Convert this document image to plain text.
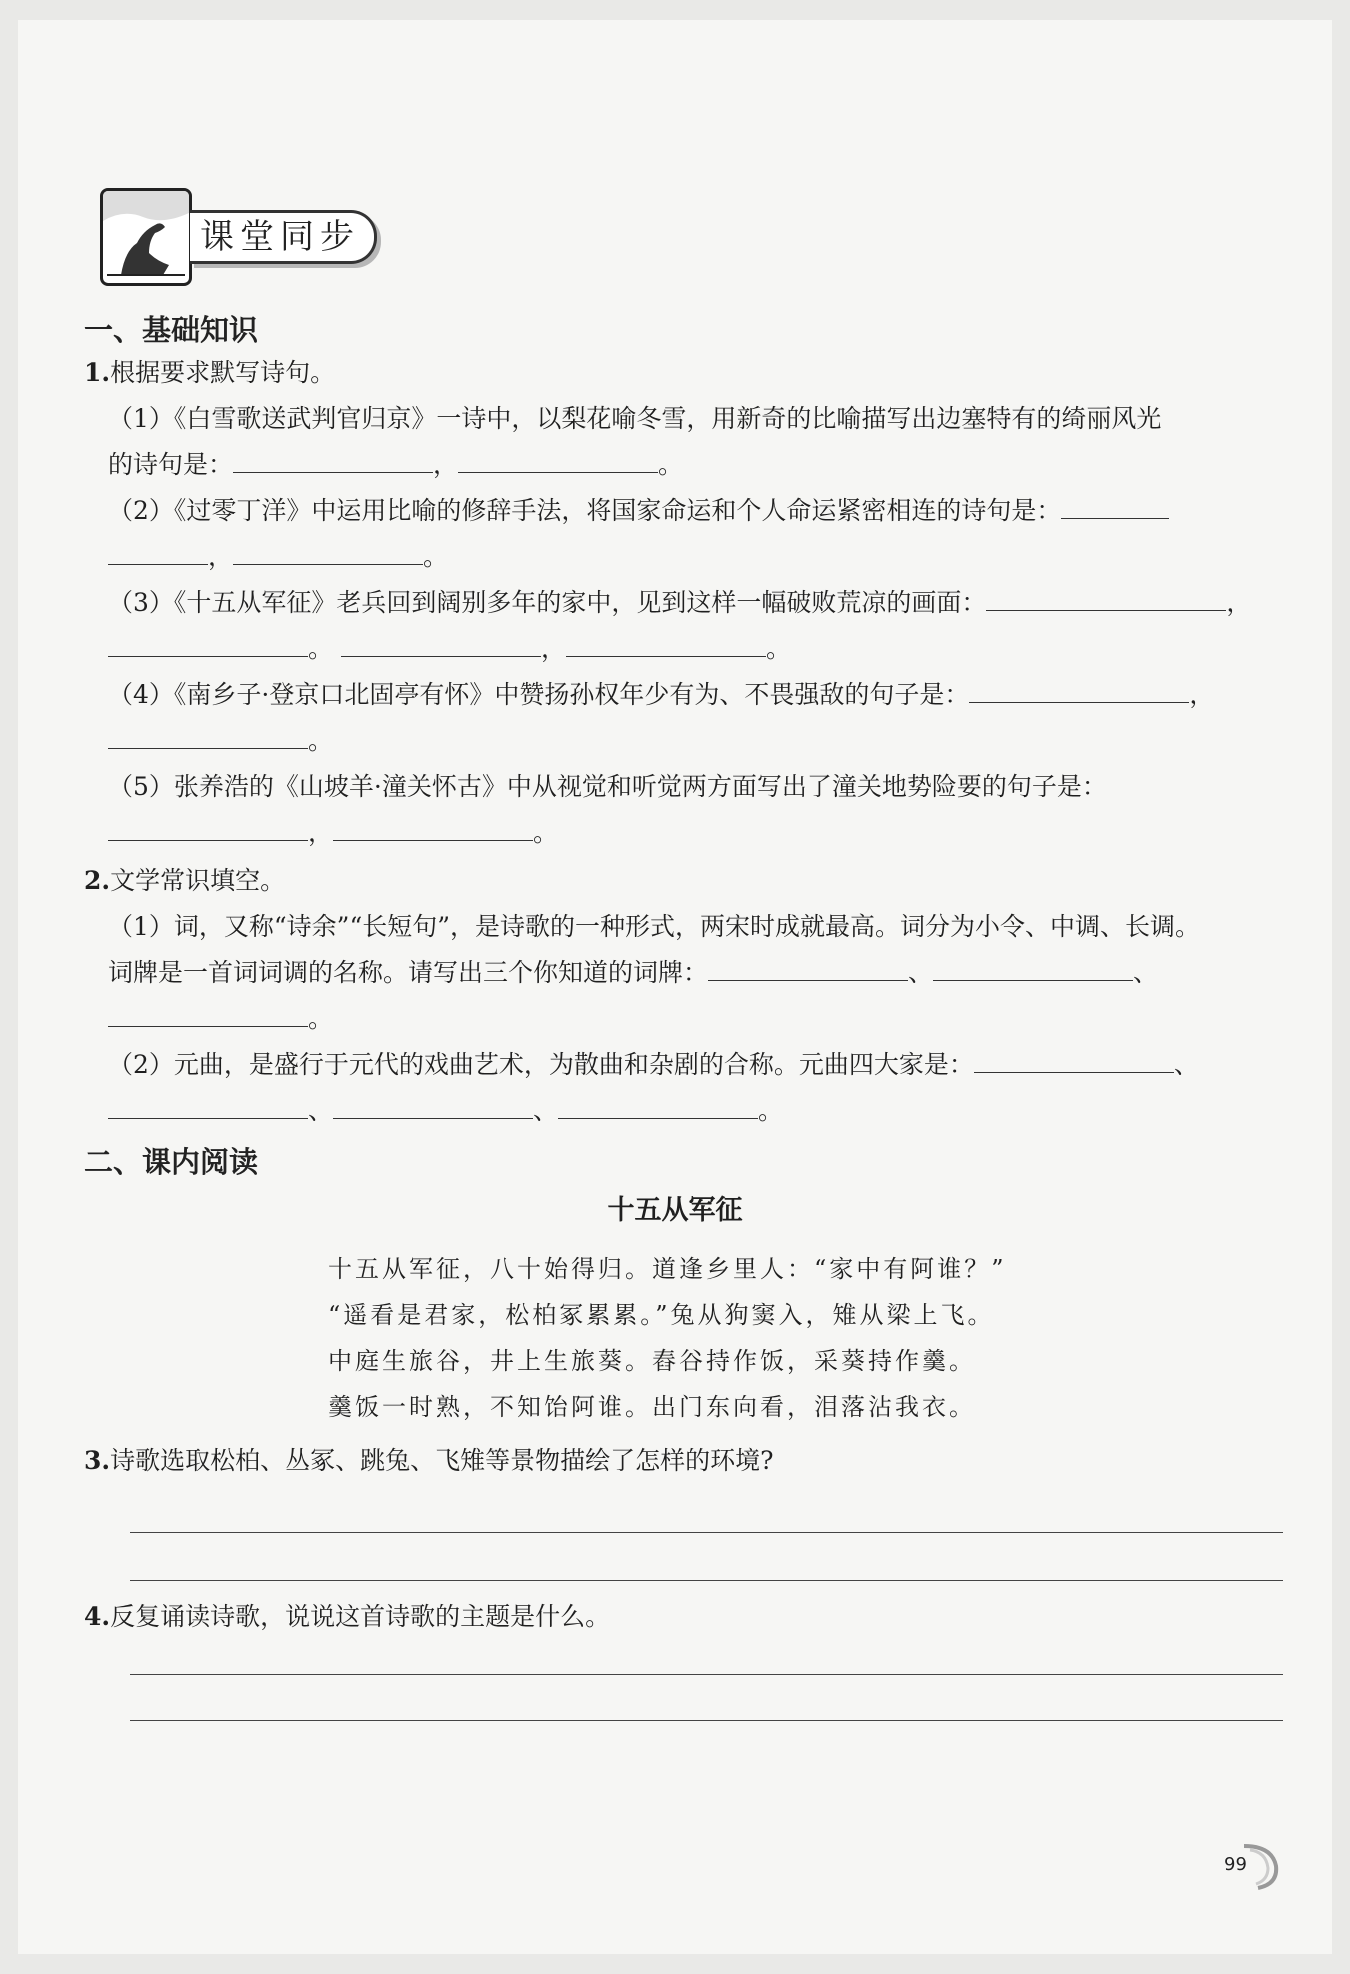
课堂同步
一、基础知识
1.根据要求默写诗句。
（1）《白雪歌送武判官归京》一诗中，以梨花喻冬雪，用新奇的比喻描写出边塞特有的绮丽风光
的诗句是：	，	。
（2）《过零丁洋》中运用比喻的修辞手法，将国家命运和个人命运紧密相连的诗句是：
，	。
（3）《十五从军征》老兵回到阔别多年的家中，见到这样一幅破败荒凉的画面：	，
。	，	。
（4）《南乡子·登京口北固亭有怀》中赞扬孙权年少有为、不畏强敌的句子是：	，
。
（5）张养浩的《山坡羊·潼关怀古》中从视觉和听觉两方面写出了潼关地势险要的句子是：
，	。
2.文学常识填空。
（1）词，又称“诗余”“长短句”，是诗歌的一种形式，两宋时成就最高。词分为小令、中调、长调。
词牌是一首词词调的名称。请写出三个你知道的词牌：	、	、
。
（2）元曲，是盛行于元代的戏曲艺术，为散曲和杂剧的合称。元曲四大家是：	、
、	、	。
二、课内阅读
十五从军征
十五从军征，八十始得归。道逢乡里人：“家中有阿谁？”
“遥看是君家，松柏冢累累。”兔从狗窦入，雉从梁上飞。
中庭生旅谷，井上生旅葵。舂谷持作饭，采葵持作羹。
羹饭一时熟，不知饴阿谁。出门东向看，泪落沾我衣。
3.诗歌选取松柏、丛冢、跳兔、飞雉等景物描绘了怎样的环境?
4.反复诵读诗歌，说说这首诗歌的主题是什么。
99
